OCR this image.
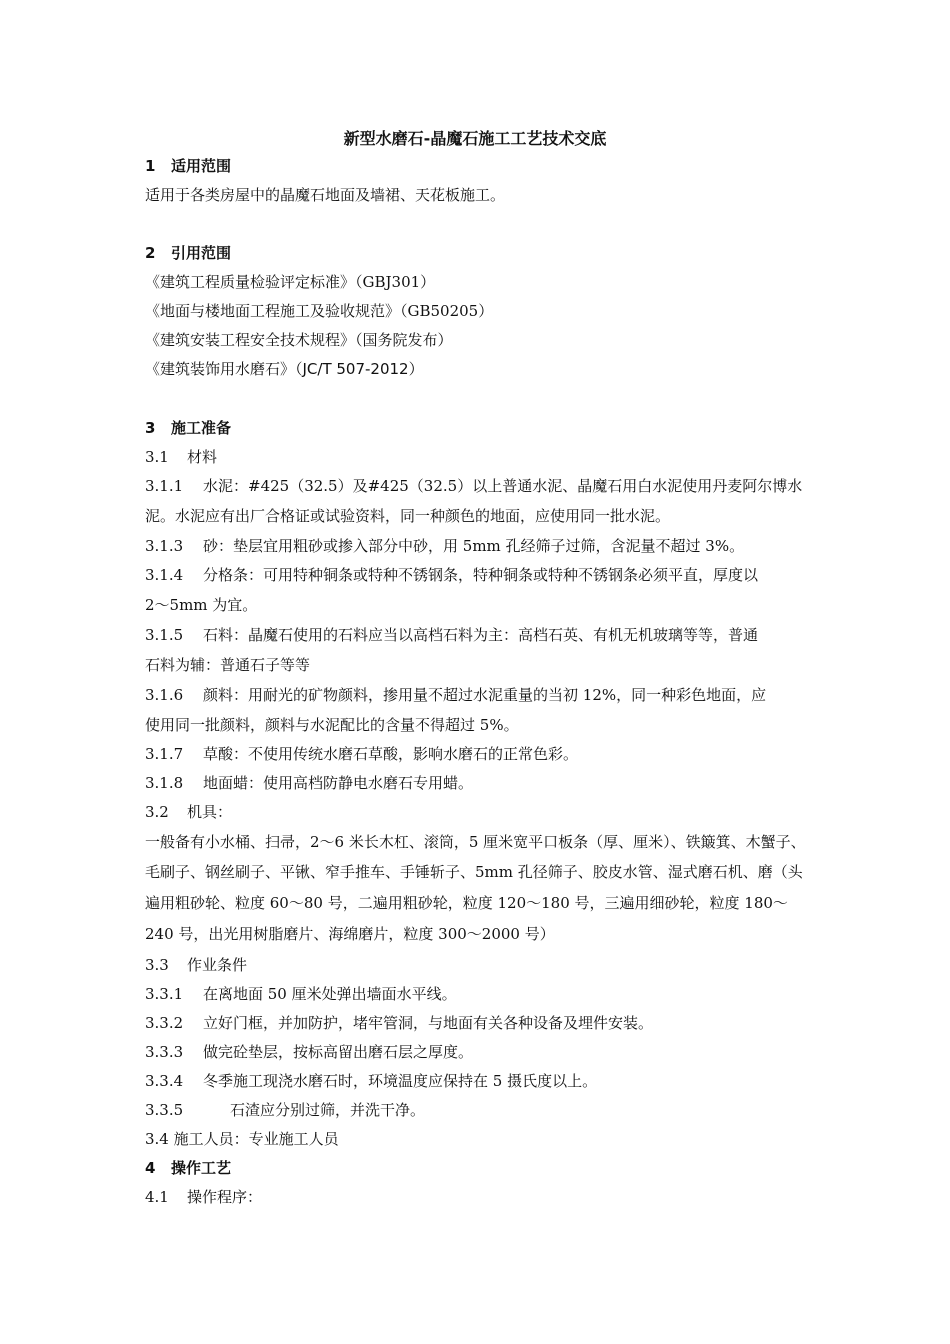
新型水磨石-晶魔石施工工艺技术交底
1 适用范围
适用于各类房屋中的晶魔石地面及墙裙、天花板施工。
2 引用范围
《建筑工程质量检验评定标准》（GBJ301）
《地面与楼地面工程施工及验收规范》（GB50205）
《建筑安装工程安全技术规程》（国务院发布）
《建筑装饰用水磨石》（JC/T 507-2012）
3 施工准备
3.1 材料
3.1.1 水泥：#425（32.5）及#425（32.5）以上普通水泥、晶魔石用白水泥使用丹麦阿尔博水
泥。水泥应有出厂合格证或试验资料，同一种颜色的地面，应使用同一批水泥。
3.1.3 砂：垫层宜用粗砂或掺入部分中砂，用 5mm 孔经筛子过筛，含泥量不超过 3%。
3.1.4 分格条：可用特种铜条或特种不锈钢条，特种铜条或特种不锈钢条必须平直，厚度以
2～5mm 为宜。
3.1.5 石料：晶魔石使用的石料应当以高档石料为主：高档石英、有机无机玻璃等等，普通
石料为辅：普通石子等等
3.1.6 颜料：用耐光的矿物颜料，掺用量不超过水泥重量的当初 12%，同一种彩色地面，应
使用同一批颜料，颜料与水泥配比的含量不得超过 5%。
3.1.7 草酸：不使用传统水磨石草酸，影响水磨石的正常色彩。
3.1.8 地面蜡：使用高档防静电水磨石专用蜡。
3.2 机具：
一般备有小水桶、扫帚，2～6 米长木杠、滚筒，5 厘米宽平口板条（厚、厘米）、铁簸箕、木蟹子、
毛刷子、钢丝刷子、平锹、窄手推车、手锤斩子、5mm 孔径筛子、胶皮水管、湿式磨石机、磨（头
遍用粗砂轮、粒度 60～80 号，二遍用粗砂轮，粒度 120～180 号，三遍用细砂轮，粒度 180～
240 号，出光用树脂磨片、海绵磨片，粒度 300～2000 号）
3.3 作业条件
3.3.1 在离地面 50 厘米处弹出墙面水平线。
3.3.2 立好门框，并加防护，堵牢管洞，与地面有关各种设备及埋件安装。
3.3.3 做完砼垫层，按标高留出磨石层之厚度。
3.3.4 冬季施工现浇水磨石时，环境温度应保持在 5 摄氏度以上。
3.3.5	石渣应分别过筛，并洗干净。
3.4 施工人员：专业施工人员
4 操作工艺
4.1 操作程序：
